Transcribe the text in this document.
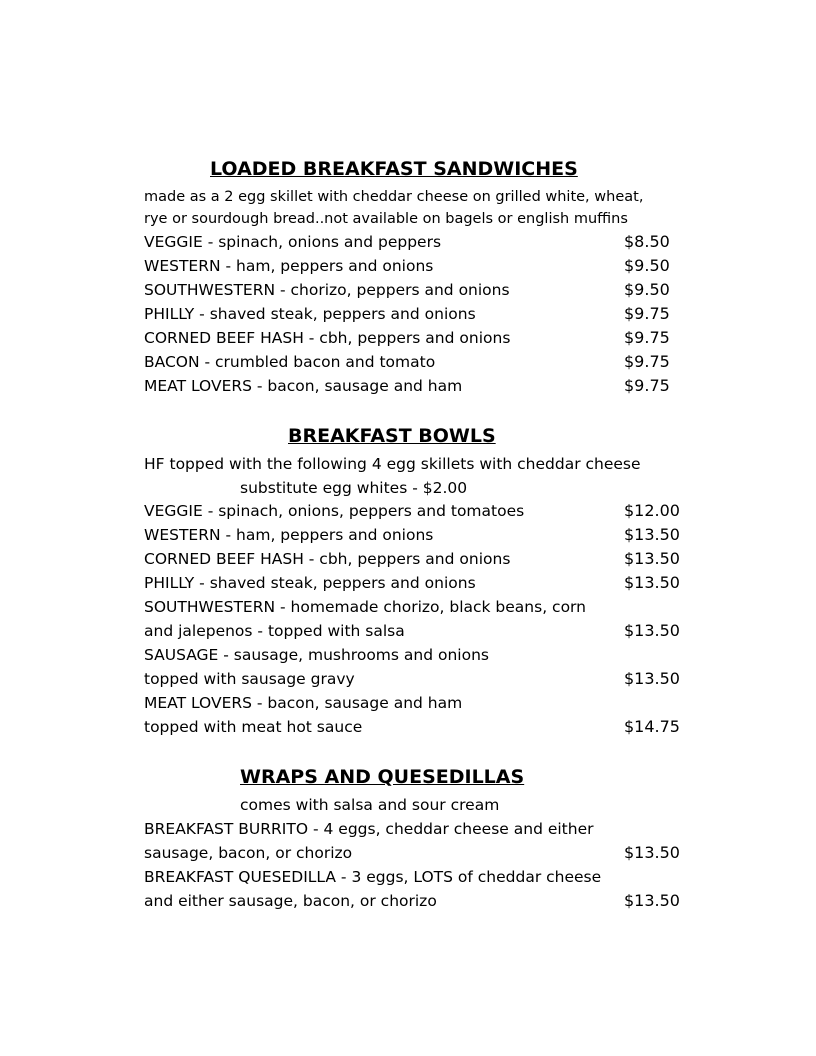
LOADED BREAKFAST SANDWICHES
made as a 2 egg skillet with cheddar cheese on grilled white, wheat,
rye or sourdough bread..not available on bagels or english muffins
VEGGIE - spinach, onions and peppers	$8.50
WESTERN - ham, peppers and onions	$9.50
SOUTHWESTERN - chorizo, peppers and onions	$9.50
PHILLY - shaved steak, peppers and onions	$9.75
CORNED BEEF HASH - cbh, peppers and onions	$9.75
BACON - crumbled bacon and tomato	$9.75
MEAT LOVERS - bacon, sausage and ham	$9.75
BREAKFAST BOWLS
HF topped with the following 4 egg skillets with cheddar cheese
substitute egg whites - $2.00
VEGGIE - spinach, onions, peppers and tomatoes	$12.00
WESTERN - ham, peppers and onions	$13.50
CORNED BEEF HASH - cbh, peppers and onions	$13.50
PHILLY - shaved steak, peppers and onions	$13.50
SOUTHWESTERN - homemade chorizo, black beans, corn
and jalepenos - topped with salsa	$13.50
SAUSAGE - sausage, mushrooms and onions
topped with sausage gravy	$13.50
MEAT LOVERS - bacon, sausage and ham
topped with meat hot sauce	$14.75
WRAPS AND QUESEDILLAS
comes with salsa and sour cream
BREAKFAST BURRITO - 4 eggs, cheddar cheese and either
sausage, bacon, or chorizo	$13.50
BREAKFAST QUESEDILLA - 3 eggs, LOTS of cheddar cheese
and either sausage, bacon, or chorizo	$13.50
